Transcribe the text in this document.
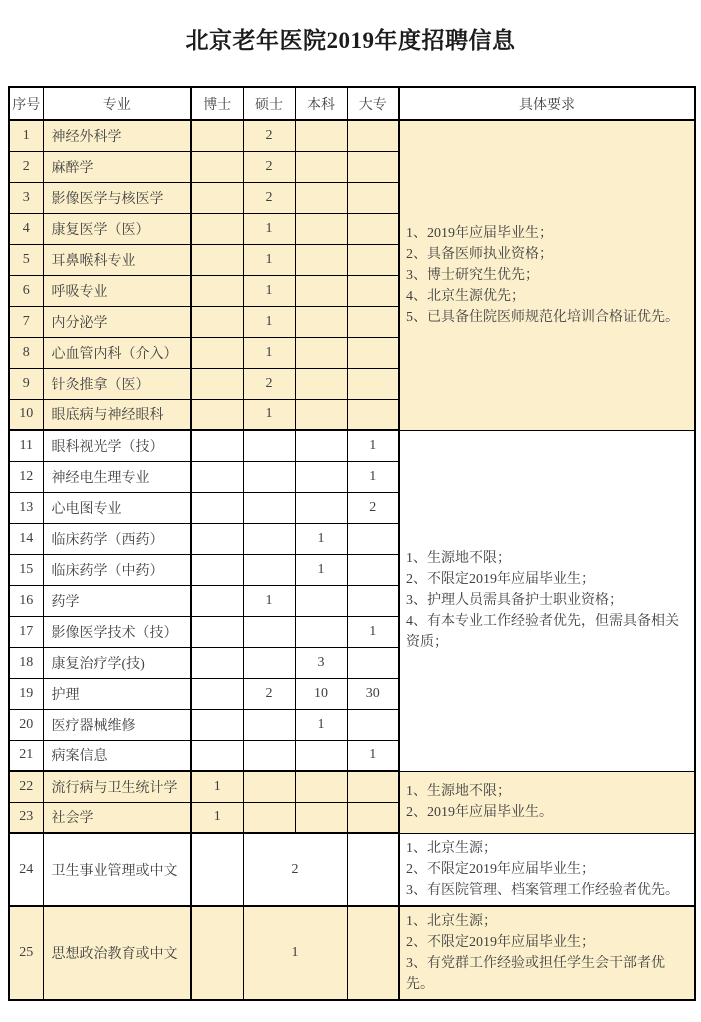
北京老年医院2019年度招聘信息
序号	专业	博士	硕士	本科	大专	具体要求
1	神经外科学		2			1、2019年应届毕业生；
2、具备医师执业资格；
3、博士研究生优先；
4、北京生源优先；
5、已具备住院医师规范化培训合格证优先。

2	麻醉学		2			
3	影像医学与核医学		2			
4	康复医学（医）		1			
5	耳鼻喉科专业		1			
6	呼吸专业		1			
7	内分泌学		1			
8	心血管内科（介入）		1			
9	针灸推拿（医）		2			
10	眼底病与神经眼科		1			
11	眼科视光学（技）				1	1、生源地不限；
2、不限定2019年应届毕业生；
3、护理人员需具备护士职业资格；
4、有本专业工作经验者优先，但需具备相关资质；

12	神经电生理专业				1	
13	心电图专业				2	
14	临床药学（西药）			1		
15	临床药学（中药）			1		
16	药学		1			
17	影像医学技术（技）				1	
18	康复治疗学(技)			3		
19	护理		2	10	30	
20	医疗器械维修			1		
21	病案信息				1	
22	流行病与卫生统计学	1				1、生源地不限；
2、2019年应届毕业生。

23	社会学	1				
24	卫生事业管理或中文		2			1、北京生源；
2、不限定2019年应届毕业生；
3、有医院管理、档案管理工作经验者优先。

25	思想政治教育或中文		1			1、北京生源；
2、不限定2019年应届毕业生；
3、有党群工作经验或担任学生会干部者优先。
